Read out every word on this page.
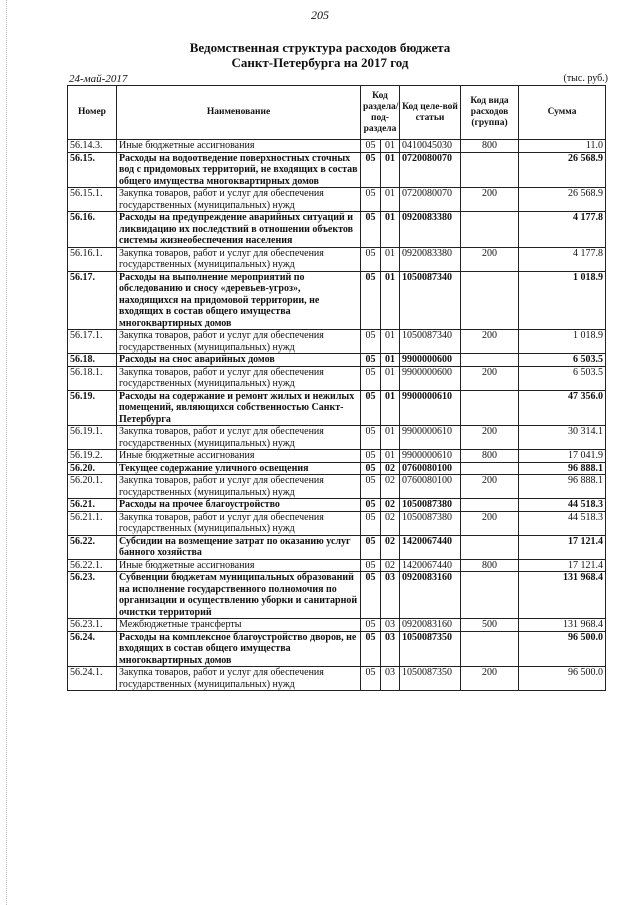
205
Ведомственная структура расходов бюджета
Санкт-Петербурга на 2017 год
24-май-2017	(тыс. руб.)
Номер	Наименование	Код раздела/ под-раздела		Код целе-вой статьи	Код вида расходов (группа)	Сумма
56.14.3.	Иные бюджетные ассигнования	05	01	0410045030	800	11.0
56.15.	Расходы на водоотведение поверхностных сточных вод с придомовых территорий, не входящих в состав общего имущества многоквартирных домов	05	01	0720080070		26 568.9
56.15.1.	Закупка товаров, работ и услуг для обеспечения государственных (муниципальных) нужд	05	01	0720080070	200	26 568.9
56.16.	Расходы на предупреждение аварийных ситуаций и ликвидацию их последствий в отношении объектов системы жизнеобеспечения населения	05	01	0920083380		4 177.8
56.16.1.	Закупка товаров, работ и услуг для обеспечения государственных (муниципальных) нужд	05	01	0920083380	200	4 177.8
56.17.	Расходы на выполнение мероприятий по обследованию и сносу «деревьев-угроз», находящихся на придомовой территории, не входящих в состав общего имущества многоквартирных домов	05	01	1050087340		1 018.9
56.17.1.	Закупка товаров, работ и услуг для обеспечения государственных (муниципальных) нужд	05	01	1050087340	200	1 018.9
56.18.	Расходы на снос аварийных домов	05	01	9900000600		6 503.5
56.18.1.	Закупка товаров, работ и услуг для обеспечения государственных (муниципальных) нужд	05	01	9900000600	200	6 503.5
56.19.	Расходы на содержание и ремонт жилых и нежилых помещений, являющихся собственностью Санкт-Петербурга	05	01	9900000610		47 356.0
56.19.1.	Закупка товаров, работ и услуг для обеспечения государственных (муниципальных) нужд	05	01	9900000610	200	30 314.1
56.19.2.	Иные бюджетные ассигнования	05	01	9900000610	800	17 041.9
56.20.	Текущее содержание уличного освещения	05	02	0760080100		96 888.1
56.20.1.	Закупка товаров, работ и услуг для обеспечения государственных (муниципальных) нужд	05	02	0760080100	200	96 888.1
56.21.	Расходы на прочее благоустройство	05	02	1050087380		44 518.3
56.21.1.	Закупка товаров, работ и услуг для обеспечения государственных (муниципальных) нужд	05	02	1050087380	200	44 518.3
56.22.	Субсидии на возмещение затрат по оказанию услуг банного хозяйства	05	02	1420067440		17 121.4
56.22.1.	Иные бюджетные ассигнования	05	02	1420067440	800	17 121.4
56.23.	Субвенции бюджетам муниципальных образований на исполнение государственного полномочия по организации и осуществлению уборки и санитарной очистки территорий	05	03	0920083160		131 968.4
56.23.1.	Межбюджетные трансферты	05	03	0920083160	500	131 968.4
56.24.	Расходы на комплексное благоустройство дворов, не входящих в состав общего имущества многоквартирных домов	05	03	1050087350		96 500.0
56.24.1.	Закупка товаров, работ и услуг для обеспечения государственных (муниципальных) нужд	05	03	1050087350	200	96 500.0
